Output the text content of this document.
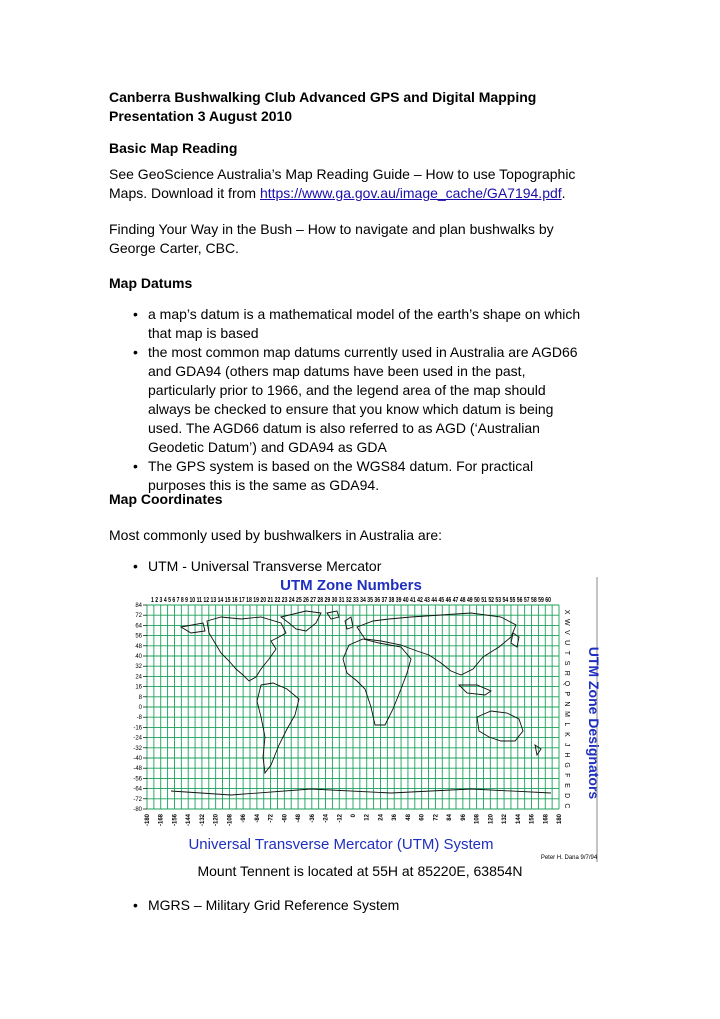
Canberra Bushwalking Club Advanced GPS and Digital Mapping
Presentation 3 August 2010
Basic Map Reading
See GeoScience Australia’s Map Reading Guide – How to use Topographic
Maps. Download it from https://www.ga.gov.au/image_cache/GA7194.pdf.
Finding Your Way in the Bush – How to navigate and plan bushwalks by
George Carter, CBC.
Map Datums
• a map’s datum is a mathematical model of the earth’s shape on which
that map is based
• the most common map datums currently used in Australia are AGD66
and GDA94 (others map datums have been used in the past,
particularly prior to 1966, and the legend area of the map should
always be checked to ensure that you know which datum is being
used. The AGD66 datum is also referred to as AGD (‘Australian
Geodetic Datum’) and GDA94 as GDA
• The GPS system is based on the WGS84 datum. For practical
purposes this is the same as GDA94.
Map Coordinates
Most commonly used by bushwalkers in Australia are:
• UTM - Universal Transverse Mercator
UTM Zone Numbers
1 2 3 4 5 6 7 8 9 10 11 12 13 14 15 16 17 18 19 20 21 22 23 24 25 26 27 28 29 30 31 32 33 34 35 36 37 38 39 40 41 42 43 44 45 46 47 48 49 50 51 52 53 54 55 56 57 58 59 60
84
72
64
56
48
40
32
24
16
8
0
-8
-16
-24
-32
-40
-48
-56
-64
-72
-80
-180 -168 -156 -144 -132 -120 -108 -96 -84 -72 -60 -48 -36 -24 -12 0 12 24 36 48 60 72 84 96 108 120 132 144 156 168 180
X
W
V
U
T
S
R
Q
P
N
M
L
K
J
H
G
F
E
D
C
UTM Zone Designators
Universal Transverse Mercator (UTM) System
Peter H. Dana 9/7/94
Mount Tennent is located at 55H at 85220E, 63854N
• MGRS – Military Grid Reference System
